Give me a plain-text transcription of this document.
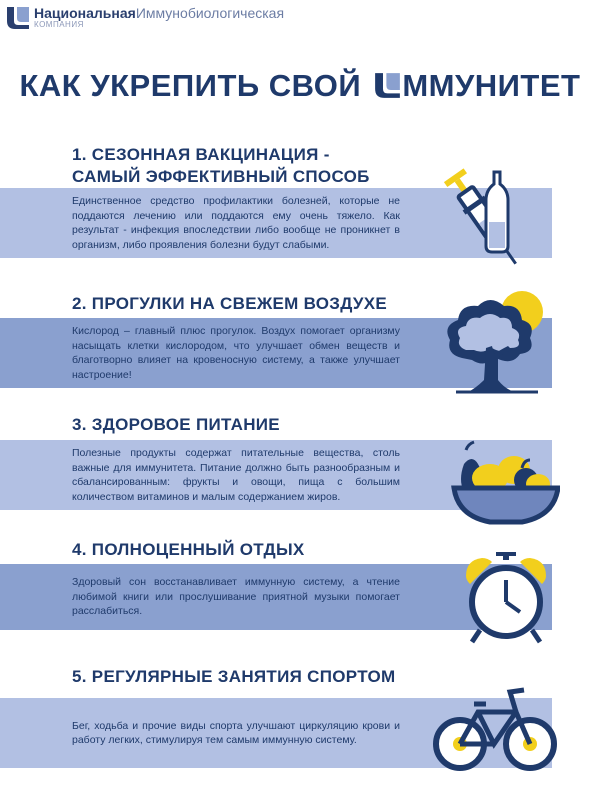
НациональнаяИммунобиологическая
КОМПАНИЯ
КАК УКРЕПИТЬ СВОЙ ММУНИТЕТ
1. СЕЗОННАЯ ВАКЦИНАЦИЯ -
САМЫЙ ЭФФЕКТИВНЫЙ СПОСОБ
Единственное средство профилактики болезней, которые не поддаются лечению или поддаются ему очень тяжело. Как результат - инфекция впоследствии либо вообще не проникнет в организм, либо проявления болезни будут слабыми.
2. ПРОГУЛКИ НА СВЕЖЕМ ВОЗДУХЕ
Кислород – главный плюс прогулок. Воздух помогает организму насыщать клетки кислородом, что улучшает обмен веществ и благотворно влияет на кровеносную систему, а также улучшает настроение!
3. ЗДОРОВОЕ ПИТАНИЕ
Полезные продукты содержат питательные вещества, столь важные для иммунитета. Питание должно быть разнообразным и сбалансированным: фрукты и овощи, пища с большим количеством витаминов и малым содержанием жиров.
4. ПОЛНОЦЕННЫЙ ОТДЫХ
Здоровый сон восстанавливает иммунную систему, а чтение любимой книги или прослушивание приятной музыки помогает расслабиться.
5. РЕГУЛЯРНЫЕ ЗАНЯТИЯ СПОРТОМ
Бег, ходьба и прочие виды спорта улучшают циркуляцию крови и работу легких, стимулируя тем самым иммунную систему.
